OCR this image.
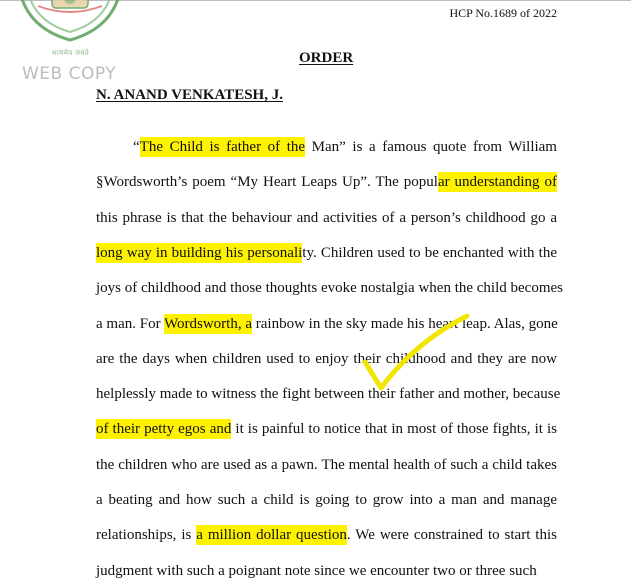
सत्यमेव जयते
WEB COPY
HCP No.1689 of 2022
ORDER
N. ANAND VENKATESH, J.
“The Child is father of the Man” is a famous quote from William
§Wordsworth’s poem “My Heart Leaps Up”. The popular understanding of
this phrase is that the behaviour and activities of a person’s childhood go a
long way in building his personality. Children used to be enchanted with the
joys of childhood and those thoughts evoke nostalgia when the child becomes
a man. For Wordsworth, a rainbow in the sky made his heart leap. Alas, gone
are the days when children used to enjoy their childhood and they are now
helplessly made to witness the fight between their father and mother, because
of their petty egos and it is painful to notice that in most of those fights, it is
the children who are used as a pawn. The mental health of such a child takes
a beating and how such a child is going to grow into a man and manage
relationships, is a million dollar question. We were constrained to start this
judgment with such a poignant note since we encounter two or three such
